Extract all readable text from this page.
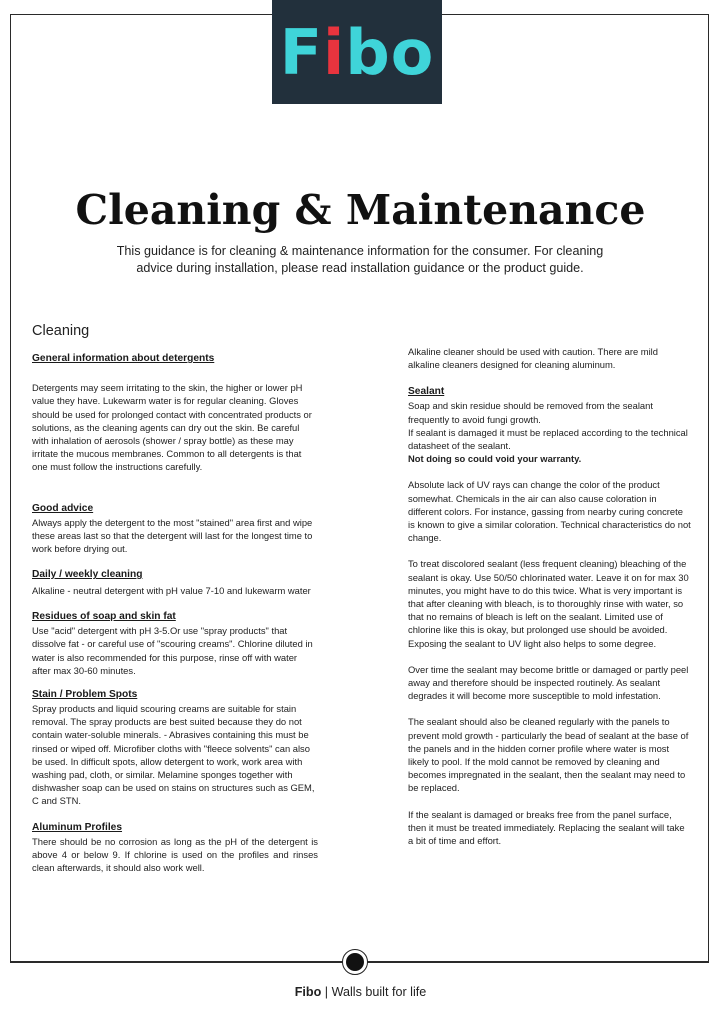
Fibo
Cleaning & Maintenance

This guidance is for cleaning & maintenance information for the consumer. For cleaning advice during installation, please read installation guidance or the product guide.

Cleaning

General information about detergents

Detergents may seem irritating to the skin, the higher or lower pH value they have. Lukewarm water is for regular cleaning. Gloves should be used for prolonged contact with concentrated products or solutions, as the cleaning agents can dry out the skin. Be careful with inhalation of aerosols (shower / spray bottle) as these may irritate the mucous membranes. Common to all detergents is that one must follow the instructions carefully.

Good advice

Always apply the detergent to the most "stained" area first and wipe these areas last so that the detergent will last for the longest time to work before drying out.

Daily / weekly cleaning

Alkaline - neutral detergent with pH value 7-10 and lukewarm water

Residues of soap and skin fat

Use "acid" detergent with pH 3-5.Or use "spray products" that dissolve fat - or careful use of "scouring creams". Chlorine diluted in water is also recommended for this purpose, rinse off with water after max 30-60 minutes.

Stain / Problem Spots

Spray products and liquid scouring creams are suitable for stain removal. The spray products are best suited because they do not contain water-soluble minerals. - Abrasives containing this must be rinsed or wiped off. Microfiber cloths with "fleece solvents" can also be used. In difficult spots, allow detergent to work, work area with washing pad, cloth, or similar. Melamine sponges together with dishwasher soap can be used on stains on structures such as GEM, C and STN.

Aluminum Profiles

There should be no corrosion as long as the pH of the detergent is above 4 or below 9. If chlorine is used on the profiles and rinses clean afterwards, it should also work well.

Alkaline cleaner should be used with caution. There are mild alkaline cleaners designed for cleaning aluminum.

Sealant

Soap and skin residue should be removed from the sealant frequently to avoid fungi growth.

If sealant is damaged it must be replaced according to the technical datasheet of the sealant.

Not doing so could void your warranty.

Absolute lack of UV rays can change the color of the product somewhat. Chemicals in the air can also cause coloration in different colors. For instance, gassing from nearby curing concrete is known to give a similar coloration. Technical characteristics do not change.

To treat discolored sealant (less frequent cleaning) bleaching of the sealant is okay. Use 50/50 chlorinated water. Leave it on for max 30 minutes, you might have to do this twice. What is very important is that after cleaning with bleach, is to thoroughly rinse with water, so that no remains of bleach is left on the sealant. Limited use of chlorine like this is okay, but prolonged use should be avoided. Exposing the sealant to UV light also helps to some degree.

Over time the sealant may become brittle or damaged or partly peel away and therefore should be inspected routinely. As sealant degrades it will become more susceptible to mold infestation.

The sealant should also be cleaned regularly with the panels to prevent mold growth - particularly the bead of sealant at the base of the panels and in the hidden corner profile where water is most likely to pool. If the mold cannot be removed by cleaning and becomes impregnated in the sealant, then the sealant may need to be replaced.

If the sealant is damaged or breaks free from the panel surface, then it must be treated immediately. Replacing the sealant will take a bit of time and effort.

Fibo | Walls built for life
